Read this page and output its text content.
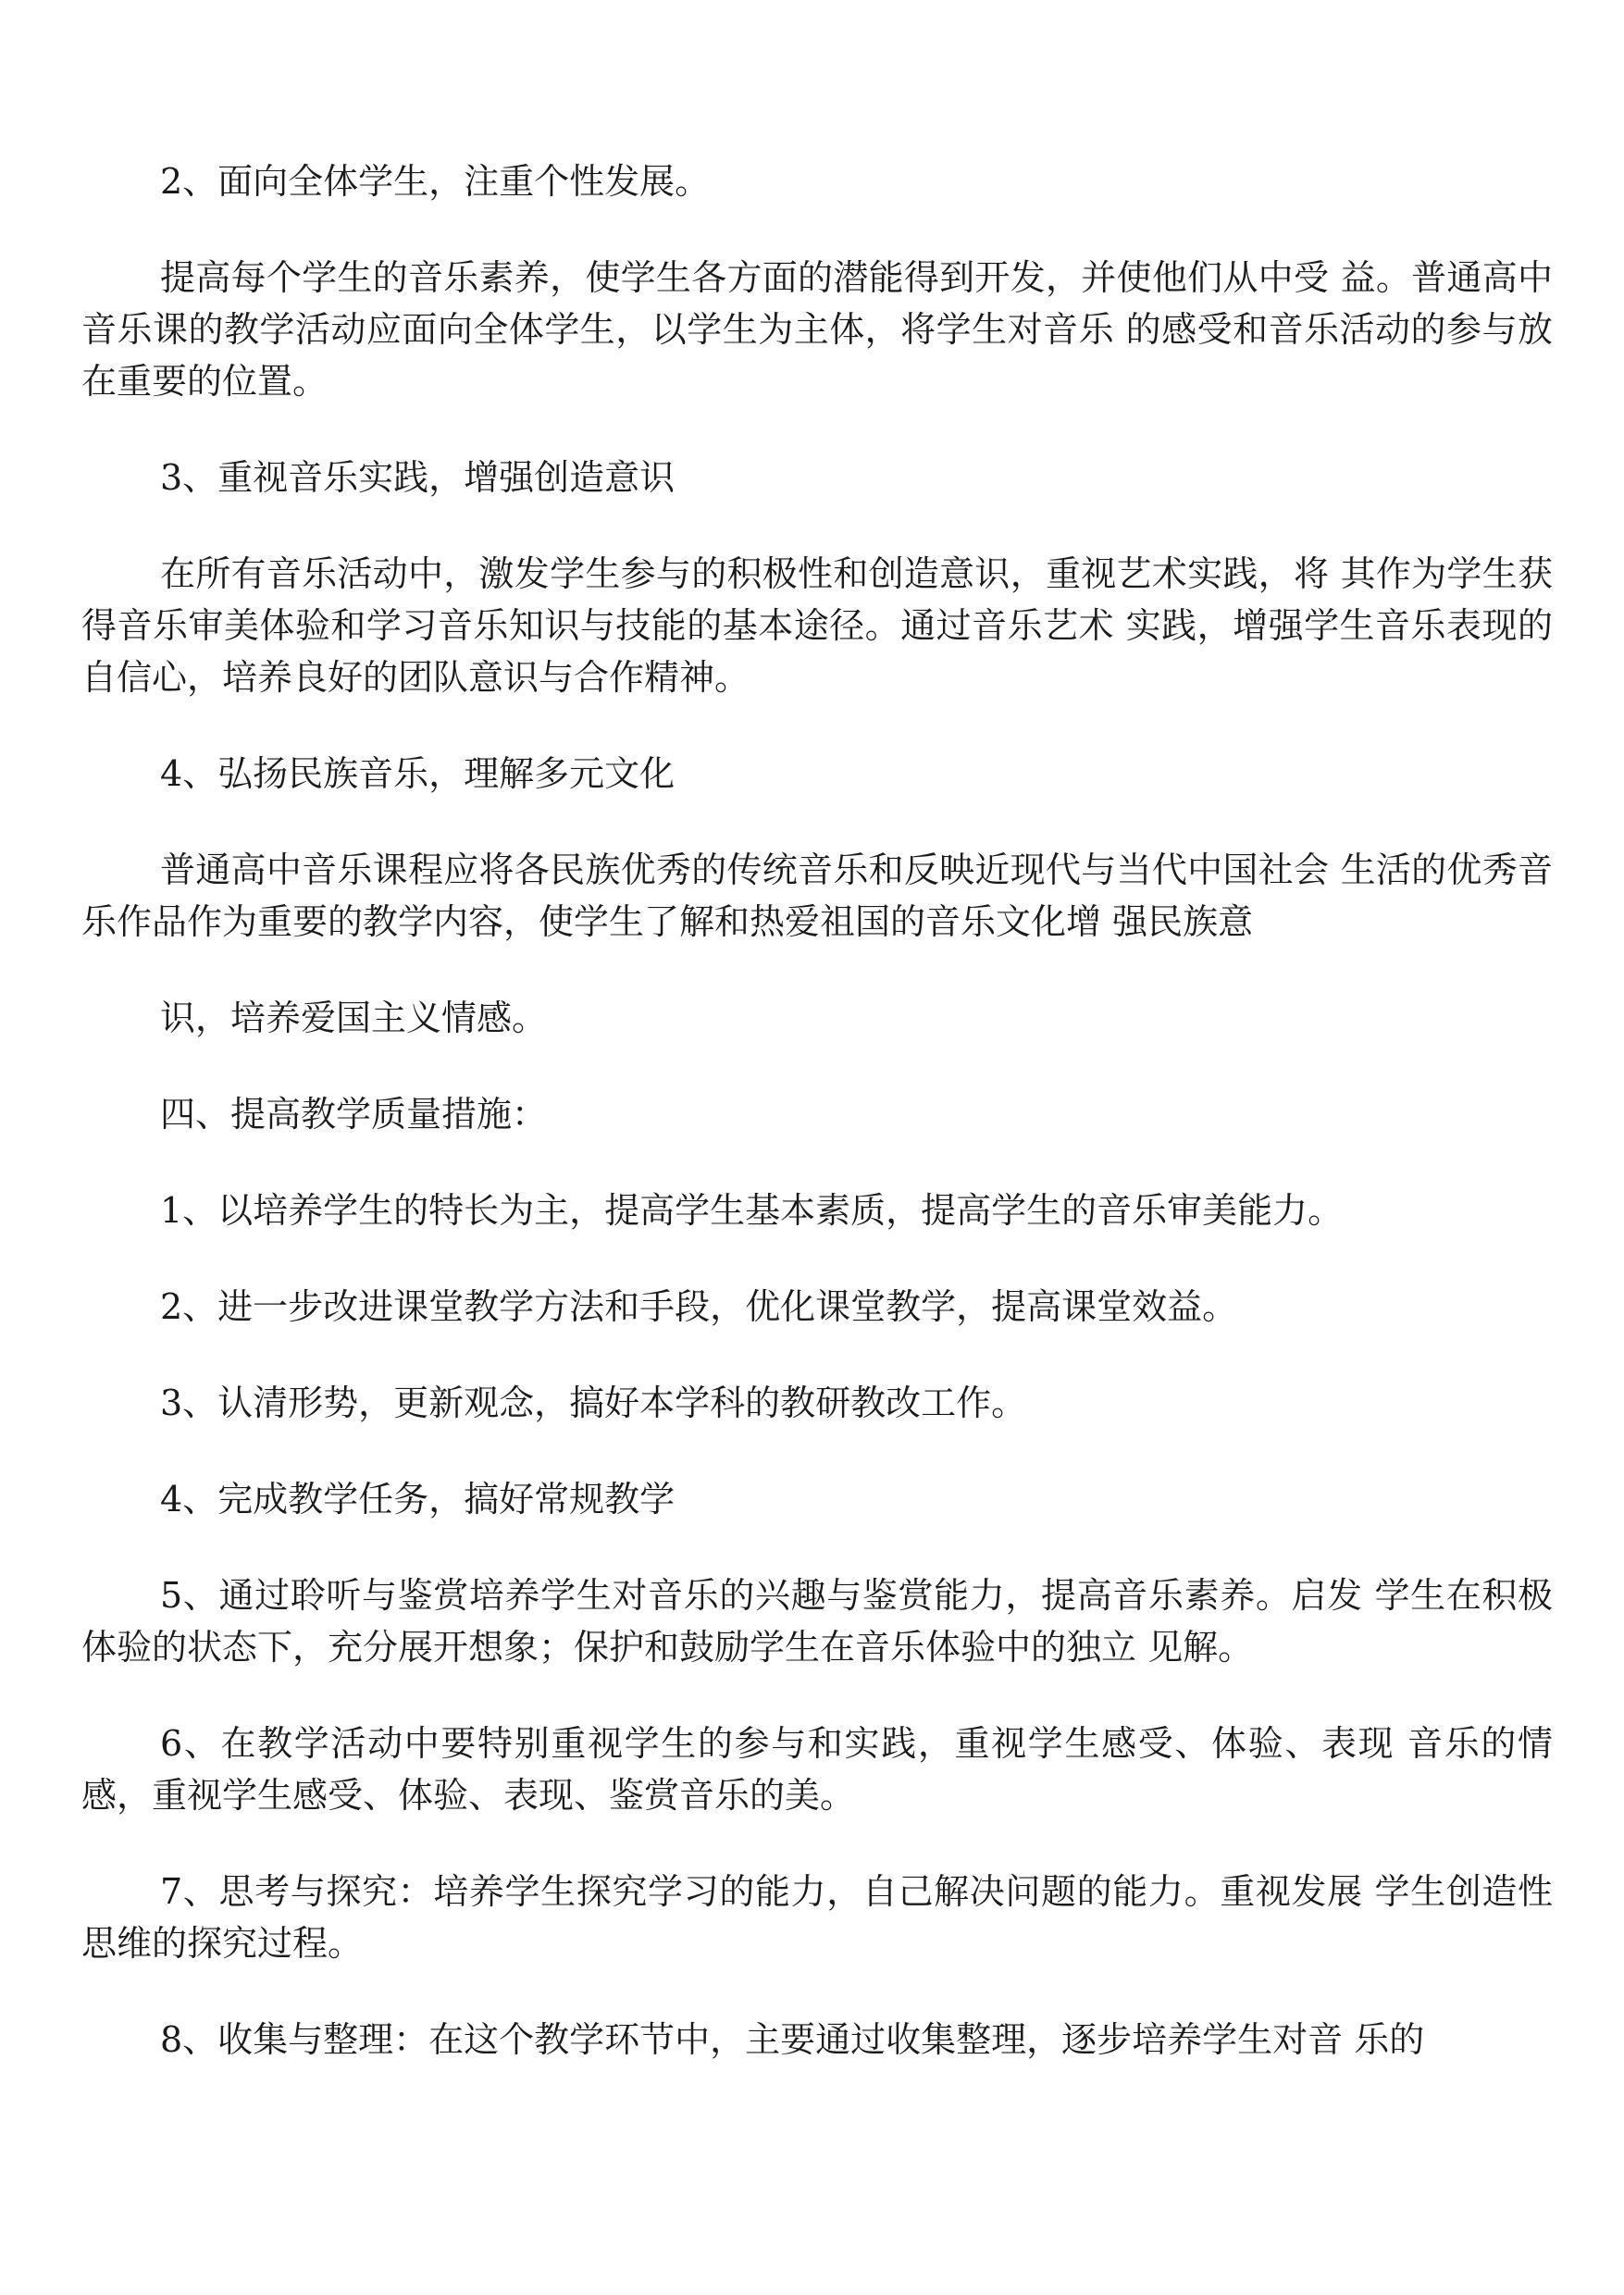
2、面向全体学生，注重个性发展。

提高每个学生的音乐素养，使学生各方面的潜能得到开发，并使他们从中受 益。普通高中音乐课的教学活动应面向全体学生，以学生为主体，将学生对音乐 的感受和音乐活动的参与放在重要的位置。

3、重视音乐实践，增强创造意识

在所有音乐活动中，激发学生参与的积极性和创造意识，重视艺术实践，将 其作为学生获得音乐审美体验和学习音乐知识与技能的基本途径。通过音乐艺术 实践，增强学生音乐表现的自信心，培养良好的团队意识与合作精神。

4、弘扬民族音乐，理解多元文化

普通高中音乐课程应将各民族优秀的传统音乐和反映近现代与当代中国社会 生活的优秀音乐作品作为重要的教学内容，使学生了解和热爱祖国的音乐文化增 强民族意

识，培养爱国主义情感。

四、提高教学质量措施：

1、以培养学生的特长为主，提高学生基本素质，提高学生的音乐审美能力。

2、进一步改进课堂教学方法和手段，优化课堂教学，提高课堂效益。

3、认清形势，更新观念，搞好本学科的教研教改工作。

4、完成教学任务，搞好常规教学

5、通过聆听与鉴赏培养学生对音乐的兴趣与鉴赏能力，提高音乐素养。启发 学生在积极体验的状态下，充分展开想象；保护和鼓励学生在音乐体验中的独立 见解。

6、在教学活动中要特别重视学生的参与和实践，重视学生感受、体验、表现 音乐的情感，重视学生感受、体验、表现、鉴赏音乐的美。

7、思考与探究：培养学生探究学习的能力，自己解决问题的能力。重视发展 学生创造性思维的探究过程。

8、收集与整理：在这个教学环节中，主要通过收集整理，逐步培养学生对音 乐的
